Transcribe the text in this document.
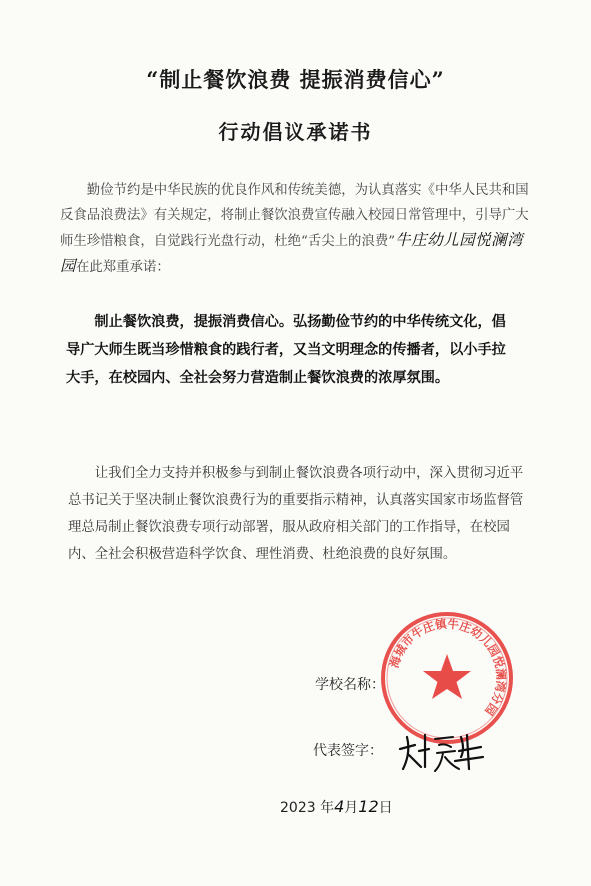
“制止餐饮浪费 提振消费信心”
行动倡议承诺书
勤俭节约是中华民族的优良作风和传统美德，为认真落实《中华人民共和国反食品浪费法》有关规定，将制止餐饮浪费宣传融入校园日常管理中，引导广大师生珍惜粮食，自觉践行光盘行动，杜绝“舌尖上的浪费”牛庄幼儿园悦澜湾园在此郑重承诺：
制止餐饮浪费，提振消费信心。弘扬勤俭节约的中华传统文化，倡导广大师生既当珍惜粮食的践行者，又当文明理念的传播者，以小手拉大手，在校园内、全社会努力营造制止餐饮浪费的浓厚氛围。
让我们全力支持并积极参与到制止餐饮浪费各项行动中，深入贯彻习近平总书记关于坚决制止餐饮浪费行为的重要指示精神，认真落实国家市场监督管理总局制止餐饮浪费专项行动部署，服从政府相关部门的工作指导，在校园内、全社会积极营造科学饮食、理性消费、杜绝浪费的良好氛围。
学校名称：
海城市牛庄镇牛庄幼儿园悦澜湾分园
代表签字：
2023 年4月12日
